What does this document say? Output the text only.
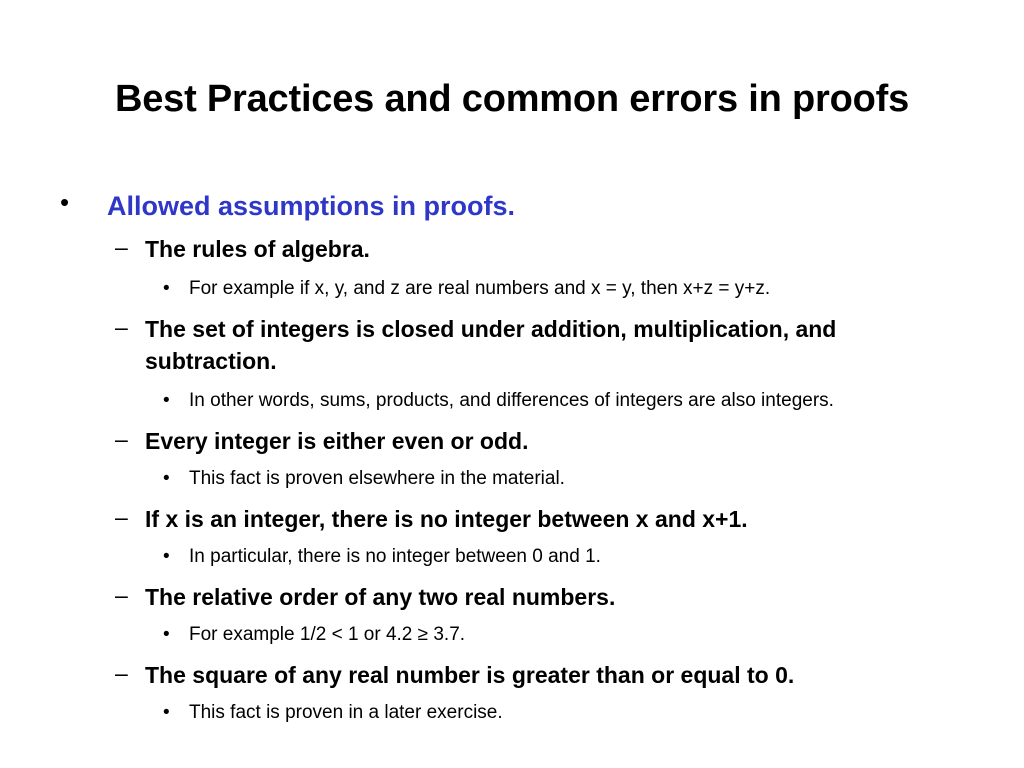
Best Practices and common errors in proofs
• Allowed assumptions in proofs.
– The rules of algebra.
• For example if x, y, and z are real numbers and x = y, then x+z = y+z.
– The set of integers is closed under addition, multiplication, and subtraction.
• In other words, sums, products, and differences of integers are also integers.
– Every integer is either even or odd.
• This fact is proven elsewhere in the material.
– If x is an integer, there is no integer between x and x+1.
• In particular, there is no integer between 0 and 1.
– The relative order of any two real numbers.
• For example 1/2 < 1 or 4.2 ≥ 3.7.
– The square of any real number is greater than or equal to 0.
• This fact is proven in a later exercise.
